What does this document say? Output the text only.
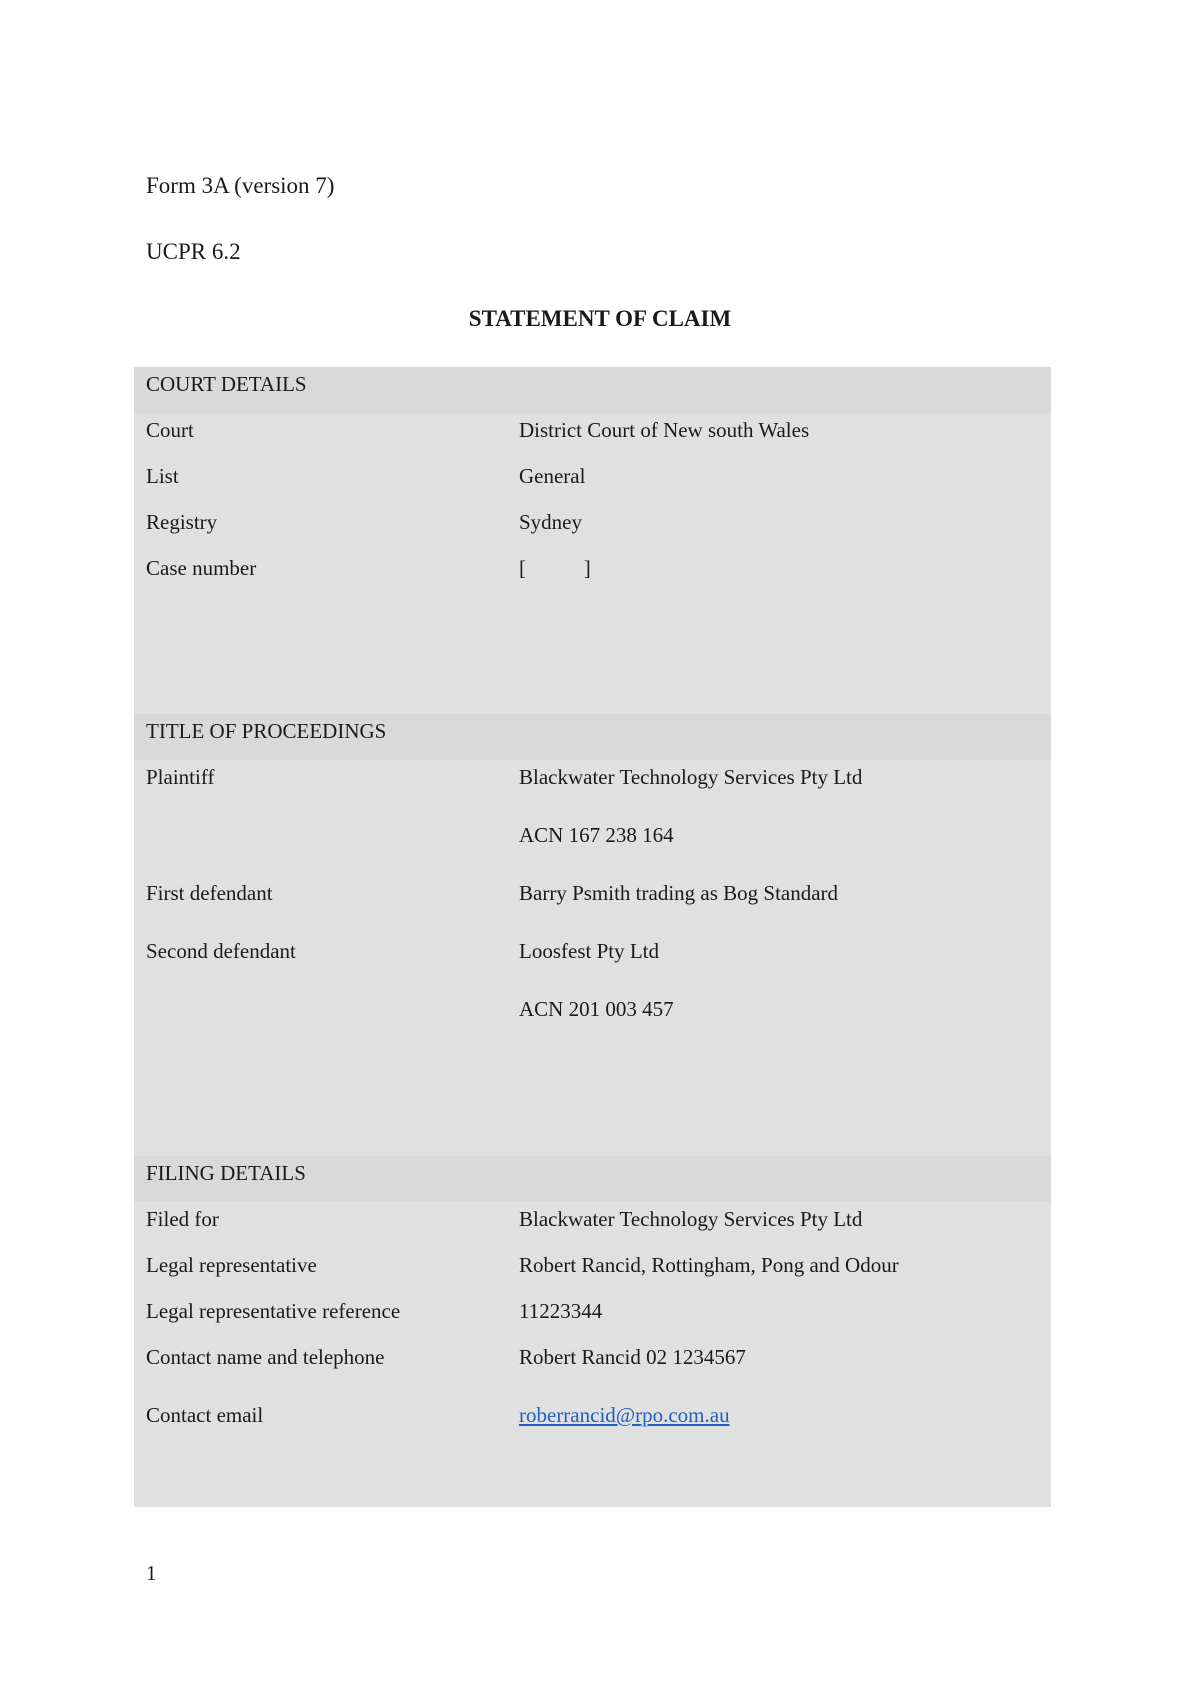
Form 3A (version 7)
UCPR 6.2
STATEMENT OF CLAIM
COURT DETAILS
Court	District Court of New south Wales
List	General
Registry	Sydney
Case number	[           ]
TITLE OF PROCEEDINGS
Plaintiff	Blackwater Technology Services Pty Ltd
ACN 167 238 164
First defendant	Barry Psmith trading as Bog Standard
Second defendant	Loosfest Pty Ltd
ACN 201 003 457
FILING DETAILS
Filed for	Blackwater Technology Services Pty Ltd
Legal representative	Robert Rancid, Rottingham, Pong and Odour
Legal representative reference	11223344
Contact name and telephone	Robert Rancid 02 1234567
Contact email	roberrancid@rpo.com.au
1
